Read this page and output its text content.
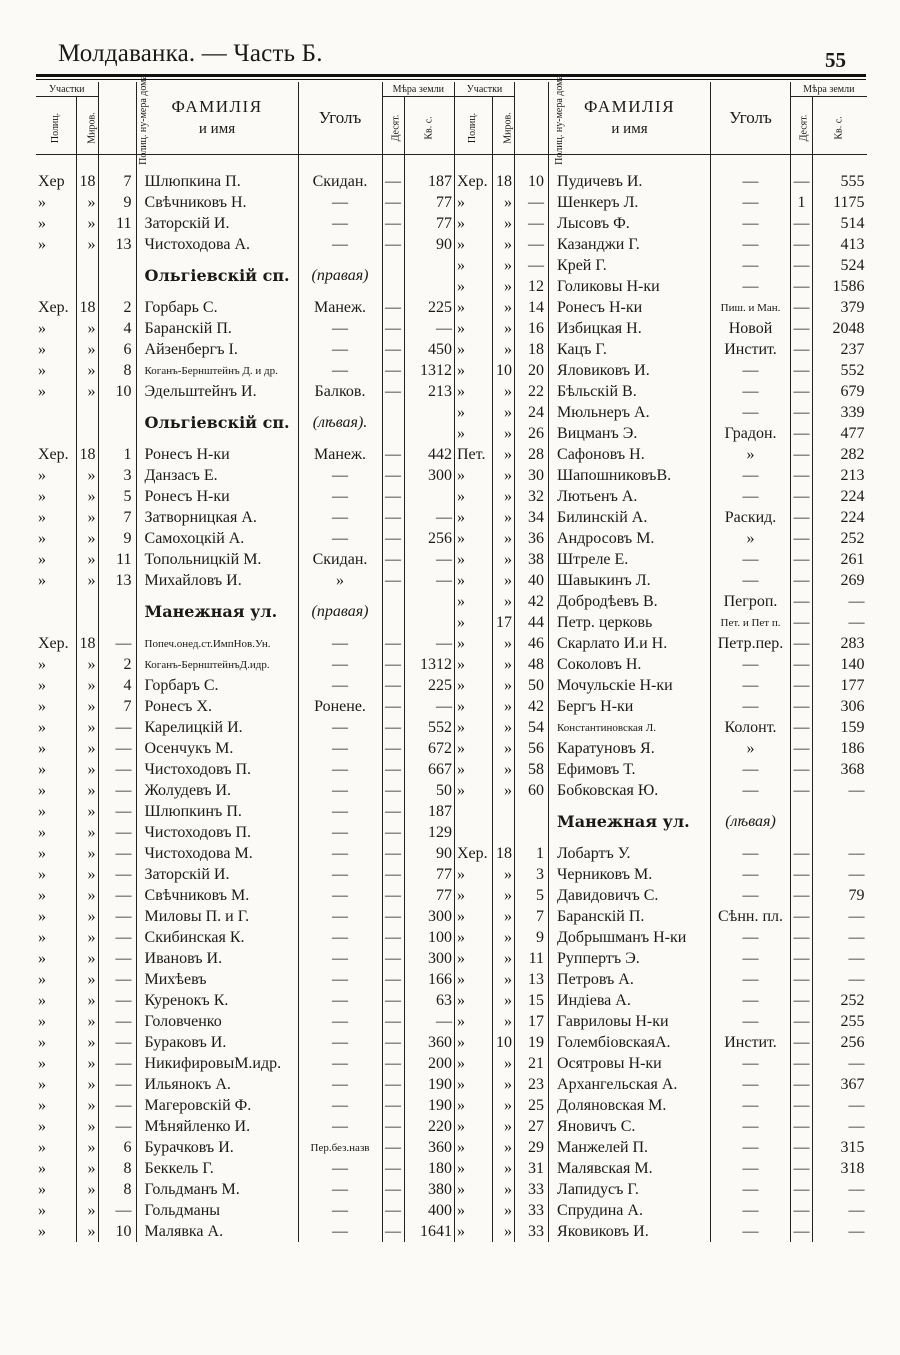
Молдаванка. — Часть Б.	55
Участки		Полиц. ну-мера дома	ФАМИЛІЯ
и имя	Уголъ	Мѣра земли	
Полиц.	Миров.				Десят.	Кв. с.

Хер	18	7	Шлюпкина П.	Скидан.	—	187
»	»	9	Свѣчниковъ Н.	—	—	77
»	»	11	Заторскій И.	—	—	77
»	»	13	Чистоходова А.	—	—	90
			Ольгіевскій сп.	(правая)		
Хер.	18	2	Горбарь С.	Манеж.	—	225
»	»	4	Баранскій П.	—	—	—
»	»	6	Айзенбергъ І.	—	—	450
»	»	8	Коганъ-Бернштейнъ Д. и др.	—	—	1312
»	»	10	Эдельштейнъ И.	Балков.	—	213
			Ольгіевскій сп.	(лѣвая).		
Хер.	18	1	Ронесъ Н-ки	Манеж.	—	442
»	»	3	Данзасъ Е.	—	—	300
»	»	5	Ронесъ Н-ки	—	—	
»	»	7	Затворницкая А.	—	—	—
»	»	9	Самохоцкій А.	—	—	256
»	»	11	Топольницкій М.	Скидан.	—	—
»	»	13	Михайловъ И.	»	—	—
			Манежная ул.	(правая)		
Хер.	18	—	Попеч.онед.ст.ИмпНов.Ун.	—	—	—
»	»	2	Коганъ-БернштейнъД.идр.	—	—	1312
»	»	4	Горбаръ С.	—	—	225
»	»	7	Ронесъ Х.	Ронене.	—	—
»	»	—	Карелицкій И.	—	—	552
»	»	—	Осенчукъ М.	—	—	672
»	»	—	Чистоходовъ П.	—	—	667
»	»	—	Жолудевъ И.	—	—	50
»	»	—	Шлюпкинъ П.	—	—	187
»	»	—	Чистоходовъ П.	—	—	129
»	»	—	Чистоходова М.	—	—	90
»	»	—	Заторскій И.	—	—	77
»	»	—	Свѣчниковъ М.	—	—	77
»	»	—	Миловы П. и Г.	—	—	300
»	»	—	Скибинская К.	—	—	100
»	»	—	Ивановъ И.	—	—	300
»	»	—	Михѣевъ	—	—	166
»	»	—	Куренокъ К.	—	—	63
»	»	—	Головченко	—	—	—
»	»	—	Бураковъ И.	—	—	360
»	»	—	НикифировыМ.идр.	—	—	200
»	»	—	Ильянокъ А.	—	—	190
»	»	—	Магеровскій Ф.	—	—	190
»	»	—	Мѣняйленко И.	—	—	220
»	»	6	Бурачковъ И.	Пер.без.назв	—	360
»	»	8	Беккель Г.	—	—	180
»	»	8	Гольдманъ М.	—	—	380
»	»	—	Гольдманы	—	—	400
»	»	10	Малявка А.	—	—	1641
Участки		Полиц. ну-мера дома	ФАМИЛІЯ
и имя	Уголъ	Мѣра земли	
Полиц.	Миров.				Десят.	Кв. с.

Хер.	18	10	Пудичевъ И.	—	—	555
»	»	—	Шенкеръ Л.	—	1	1175
»	»	—	Лысовъ Ф.	—	—	514
»	»	—	Казанджи Г.	—	—	413
»	»	—	Крей Г.	—	—	524
»	»	12	Голиковы Н-ки	—	—	1586
»	»	14	Ронесъ Н-ки	Пиш. и Ман.	—	379
»	»	16	Избицкая Н.	Новой	—	2048
»	»	18	Кацъ Г.	Инстит.	—	237
»	10	20	Яловиковъ И.	—	—	552
»	»	22	Бѣльскій В.	—	—	679
»	»	24	Мюльнеръ А.	—	—	339
»	»	26	Вицманъ Э.	Градон.	—	477
Пет.	»	28	Сафоновъ Н.	»	—	282
»	»	30	ШапошниковъВ.	—	—	213
»	»	32	Лютьенъ А.	—	—	224
»	»	34	Билинскій А.	Раскид.	—	224
»	»	36	Андросовъ М.	»	—	252
»	»	38	Штреле Е.	—	—	261
»	»	40	Шавыкинъ Л.	—	—	269
»	»	42	Добродѣевъ В.	Пегроп.	—	—
»	17	44	Петр. церковь	Пет. и Пет п.	—	—
»	»	46	Скарлато И.и Н.	Петр.пер.	—	283
»	»	48	Соколовъ Н.	—	—	140
»	»	50	Мочульскіе Н-ки	—	—	177
»	»	42	Бергъ Н-ки	—	—	306
»	»	54	Константиновская Л.	Колонт.	—	159
»	»	56	Каратуновъ Я.	»	—	186
»	»	58	Ефимовъ Т.	—	—	368
»	»	60	Бобковская Ю.	—	—	—
			Манежная ул.	(лѣвая)		
Хер.	18	1	Лобартъ У.	—	—	—
»	»	3	Черниковъ М.	—	—	—
»	»	5	Давидовичъ С.	—	—	79
»	»	7	Баранскій П.	Сѣнн. пл.	—	—
»	»	9	Добрышманъ Н-ки	—	—	—
»	»	11	Руппертъ Э.	—	—	—
»	»	13	Петровъ А.	—	—	—
»	»	15	Индіева А.	—	—	252
»	»	17	Гавриловы Н-ки	—	—	255
»	10	19	ГолембіовскаяА.	Инстит.	—	256
»	»	21	Осятровы Н-ки	—	—	—
»	»	23	Архангельская А.	—	—	367
»	»	25	Доляновская М.	—	—	—
»	»	27	Яновичъ С.	—	—	—
»	»	29	Манжелей П.	—	—	315
»	»	31	Малявская М.	—	—	318
»	»	33	Лапидусъ Г.	—	—	—
»	»	33	Спрудина А.	—	—	—
»	»	33	Яковиковъ И.	—	—	—
